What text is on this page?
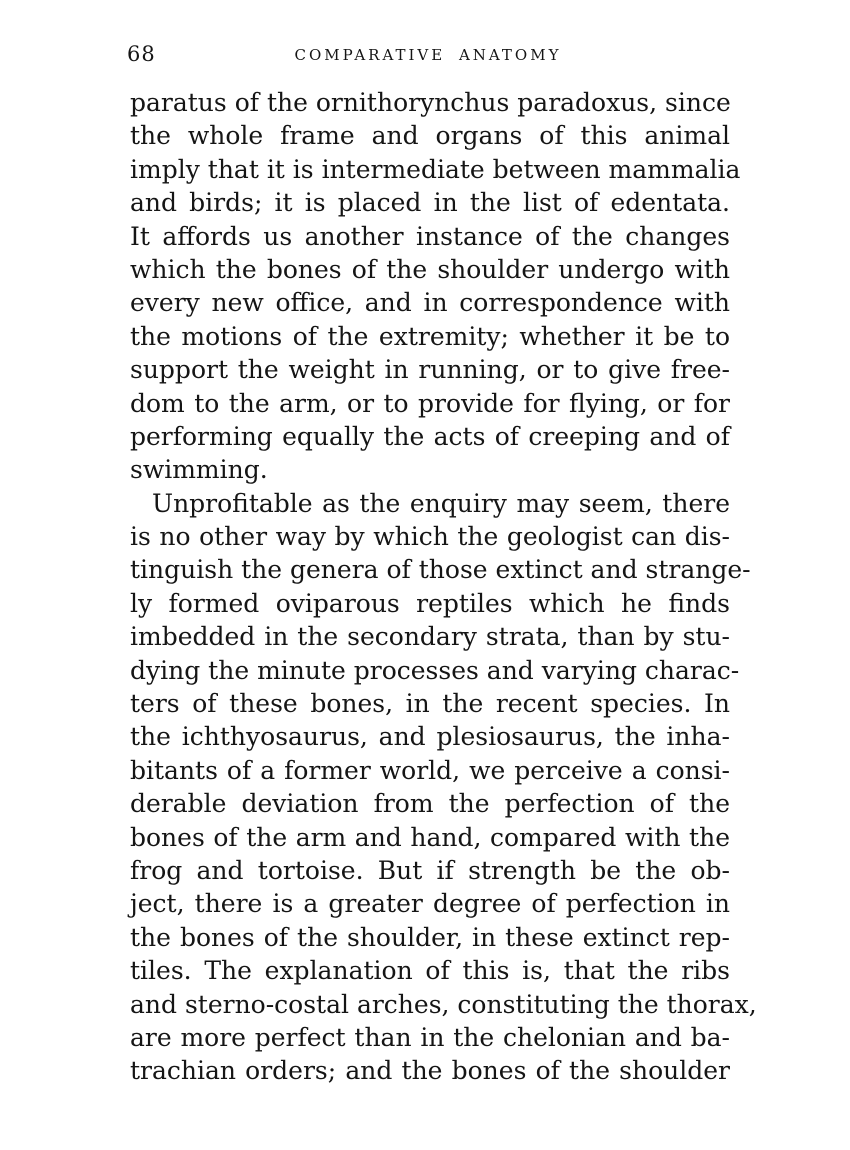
68	COMPARATIVE ANATOMY
paratus of the ornithorynchus paradoxus, since
the whole frame and organs of this animal
imply that it is intermediate between mammalia
and birds; it is placed in the list of edentata.
It affords us another instance of the changes
which the bones of the shoulder undergo with
every new office, and in correspondence with
the motions of the extremity; whether it be to
support the weight in running, or to give free-
dom to the arm, or to provide for flying, or for
performing equally the acts of creeping and of
swimming.
Unprofitable as the enquiry may seem, there
is no other way by which the geologist can dis-
tinguish the genera of those extinct and strange-
ly formed oviparous reptiles which he finds
imbedded in the secondary strata, than by stu-
dying the minute processes and varying charac-
ters of these bones, in the recent species. In
the ichthyosaurus, and plesiosaurus, the inha-
bitants of a former world, we perceive a consi-
derable deviation from the perfection of the
bones of the arm and hand, compared with the
frog and tortoise. But if strength be the ob-
ject, there is a greater degree of perfection in
the bones of the shoulder, in these extinct rep-
tiles. The explanation of this is, that the ribs
and sterno-costal arches, constituting the thorax,
are more perfect than in the chelonian and ba-
trachian orders; and the bones of the shoulder
